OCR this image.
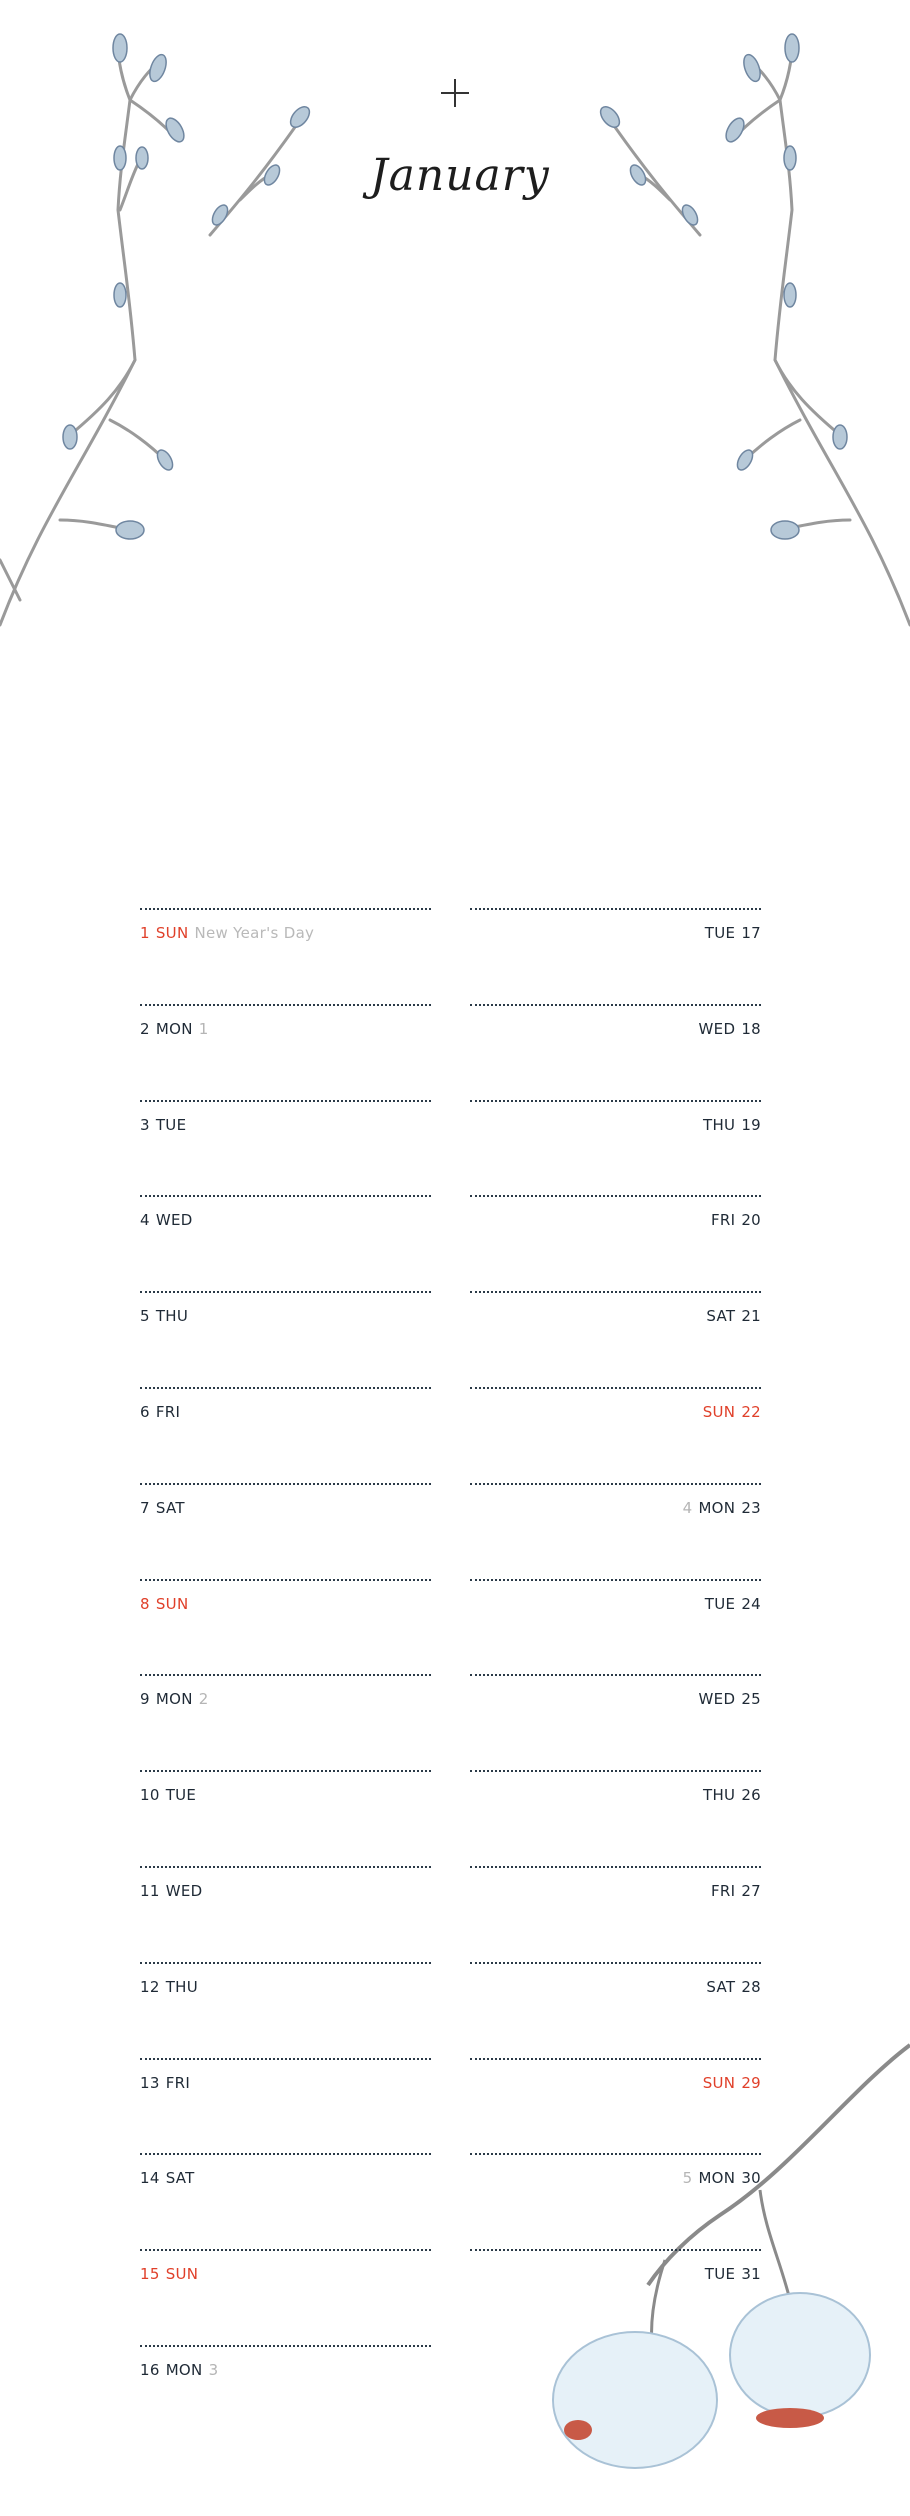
January
1 SUN New Year's Day
2 MON 1
3 TUE
4 WED
5 THU
6 FRI
7 SAT
8 SUN
9 MON 2
10 TUE
11 WED
12 THU
13 FRI
14 SAT
15 SUN
16 MON 3
TUE 17
WED 18
THU 19
FRI 20
SAT 21
SUN 22
4 MON 23
TUE 24
WED 25
THU 26
FRI 27
SAT 28
SUN 29
5 MON 30
TUE 31
